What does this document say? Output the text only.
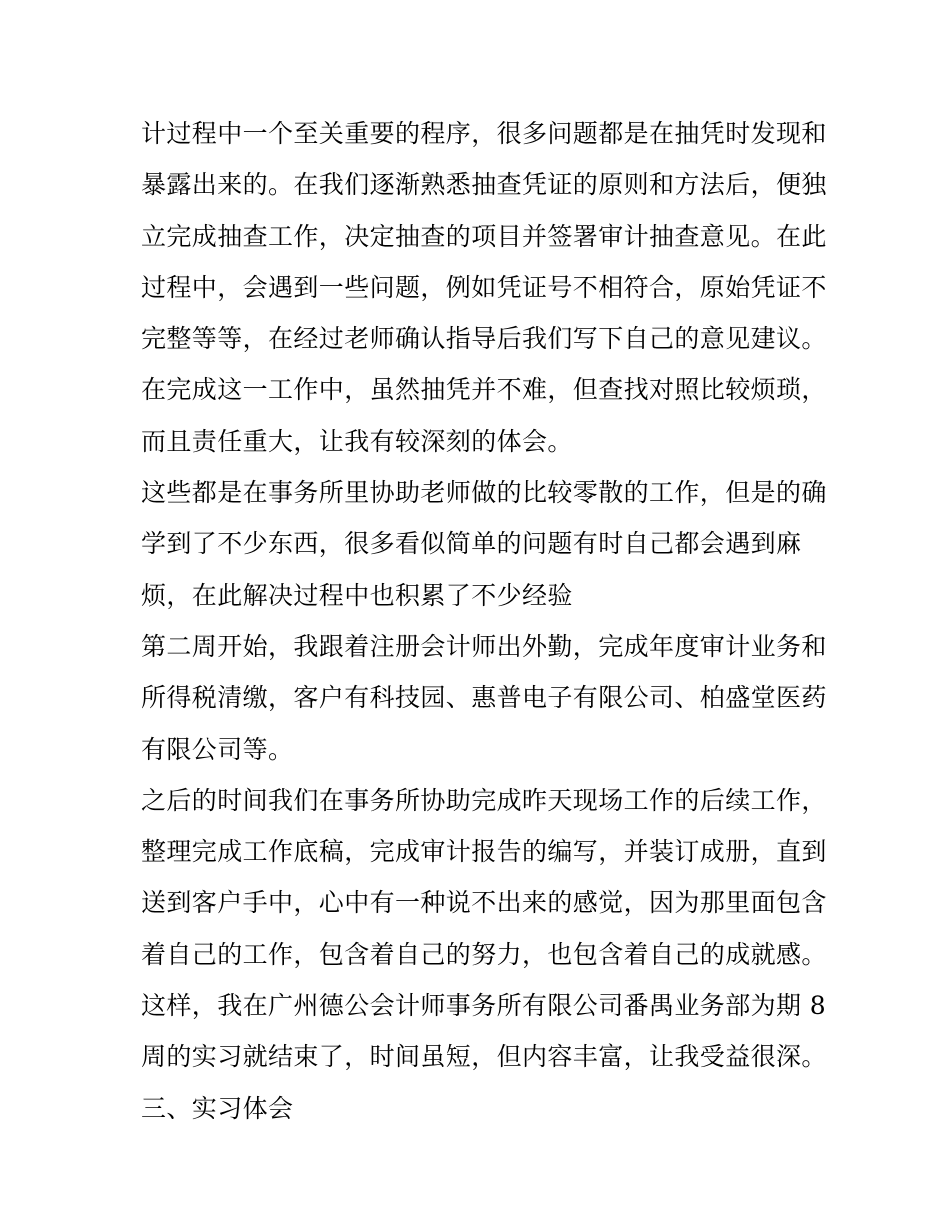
计过程中一个至关重要的程序，很多问题都是在抽凭时发现和
暴露出来的。在我们逐渐熟悉抽查凭证的原则和方法后，便独
立完成抽查工作，决定抽查的项目并签署审计抽查意见。在此
过程中，会遇到一些问题，例如凭证号不相符合，原始凭证不
完整等等，在经过老师确认指导后我们写下自己的意见建议。
在完成这一工作中，虽然抽凭并不难，但查找对照比较烦琐，
而且责任重大，让我有较深刻的体会。
这些都是在事务所里协助老师做的比较零散的工作，但是的确
学到了不少东西，很多看似简单的问题有时自己都会遇到麻
烦，在此解决过程中也积累了不少经验
第二周开始，我跟着注册会计师出外勤，完成年度审计业务和
所得税清缴，客户有科技园、惠普电子有限公司、柏盛堂医药
有限公司等。
之后的时间我们在事务所协助完成昨天现场工作的后续工作，
整理完成工作底稿，完成审计报告的编写，并装订成册，直到
送到客户手中，心中有一种说不出来的感觉，因为那里面包含
着自己的工作，包含着自己的努力，也包含着自己的成就感。
这样，我在广州德公会计师事务所有限公司番禺业务部为期 8
周的实习就结束了，时间虽短，但内容丰富，让我受益很深。
三、实习体会
